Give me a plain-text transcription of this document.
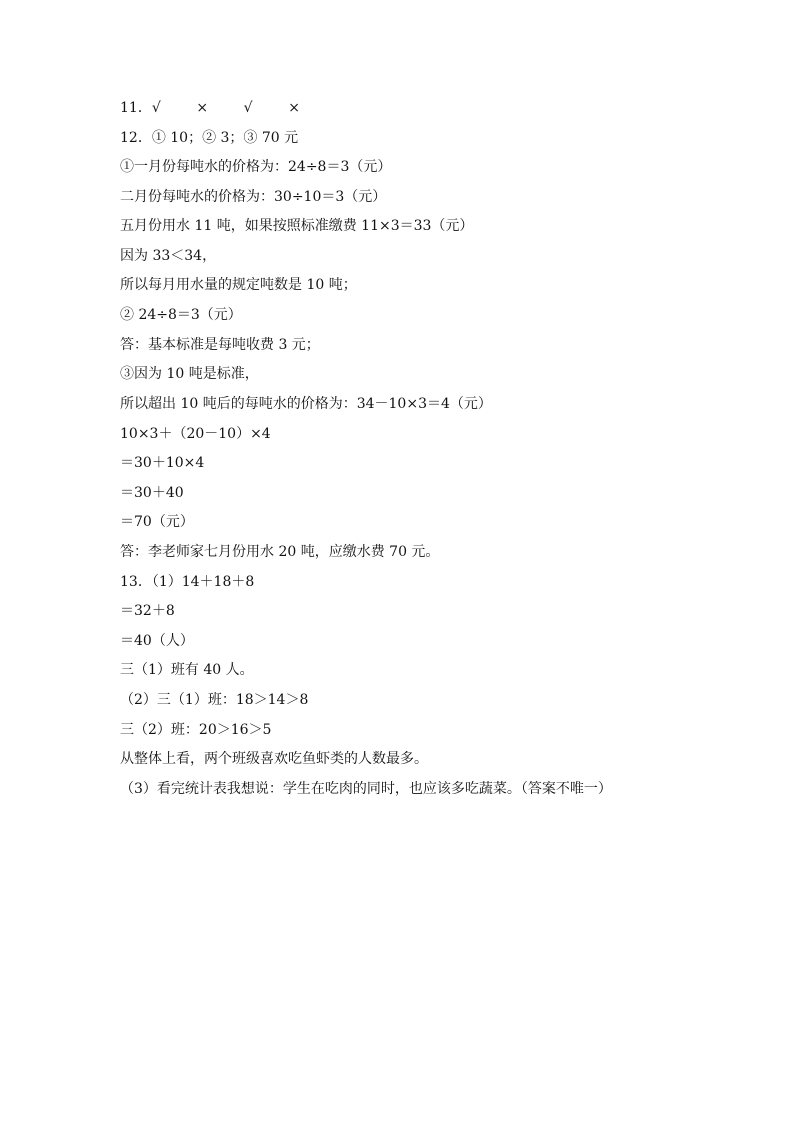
11．√        ×        √        ×
12．① 10；② 3；③ 70 元
①一月份每吨水的价格为：24÷8＝3（元）
二月份每吨水的价格为：30÷10＝3（元）
五月份用水 11 吨，如果按照标准缴费 11×3＝33（元）
因为 33＜34，
所以每月用水量的规定吨数是 10 吨；
② 24÷8＝3（元）
答：基本标准是每吨收费 3 元；
③因为 10 吨是标准，
所以超出 10 吨后的每吨水的价格为：34－10×3＝4（元）
10×3＋（20－10）×4
＝30＋10×4
＝30＋40
＝70（元）
答：李老师家七月份用水 20 吨，应缴水费 70 元。
13．（1）14＋18＋8
＝32＋8
＝40（人）
三（1）班有 40 人。
（2）三（1）班：18＞14＞8
三（2）班：20＞16＞5
从整体上看，两个班级喜欢吃鱼虾类的人数最多。
（3）看完统计表我想说：学生在吃肉的同时，也应该多吃蔬菜。（答案不唯一）
